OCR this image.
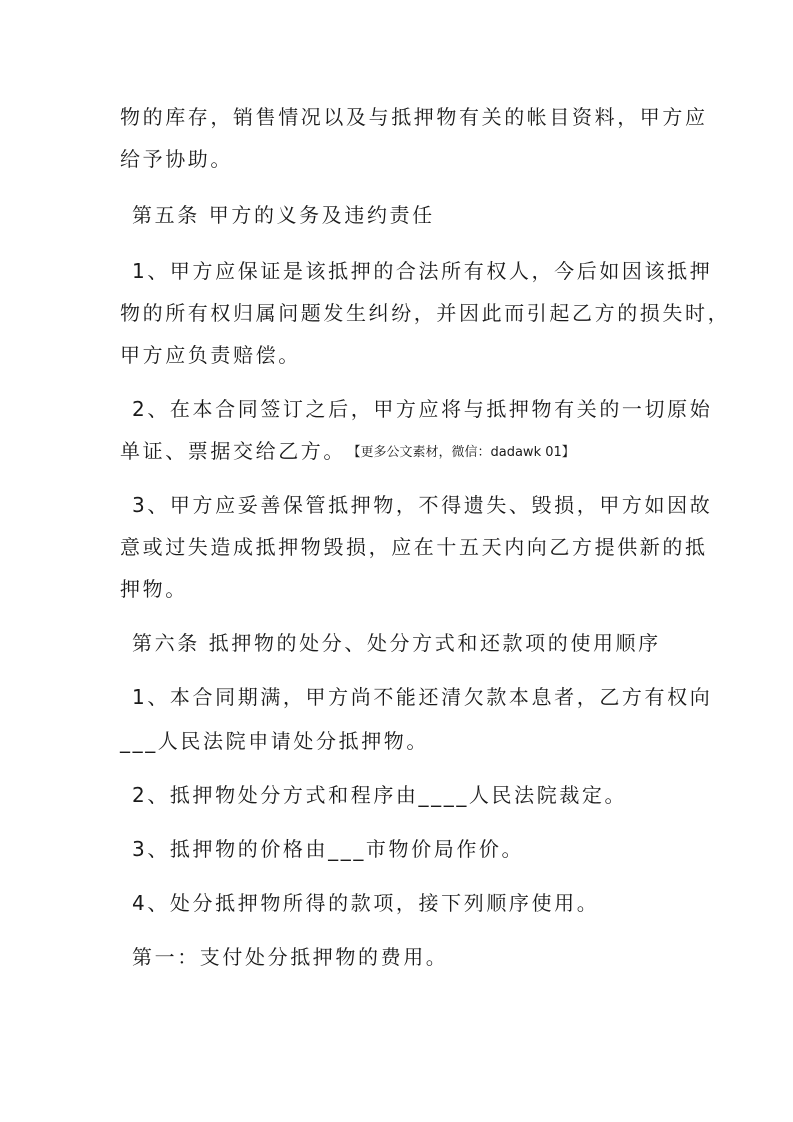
物的库存，销售情况以及与抵押物有关的帐目资料，甲方应
给予协助。
第五条 甲方的义务及违约责任
1、甲方应保证是该抵押的合法所有权人，今后如因该抵押
物的所有权归属问题发生纠纷，并因此而引起乙方的损失时，
甲方应负责赔偿。
2、在本合同签订之后，甲方应将与抵押物有关的一切原始
单证、票据交给乙方。 【更多公文素材，微信：dadawk 01】
3、甲方应妥善保管抵押物，不得遗失、毁损，甲方如因故
意或过失造成抵押物毁损，应在十五天内向乙方提供新的抵
押物。
第六条 抵押物的处分、处分方式和还款项的使用顺序
1、本合同期满，甲方尚不能还清欠款本息者，乙方有权向
___人民法院申请处分抵押物。
2、抵押物处分方式和程序由____人民法院裁定。
3、抵押物的价格由___市物价局作价。
4、处分抵押物所得的款项，接下列顺序使用。
第一：支付处分抵押物的费用。
